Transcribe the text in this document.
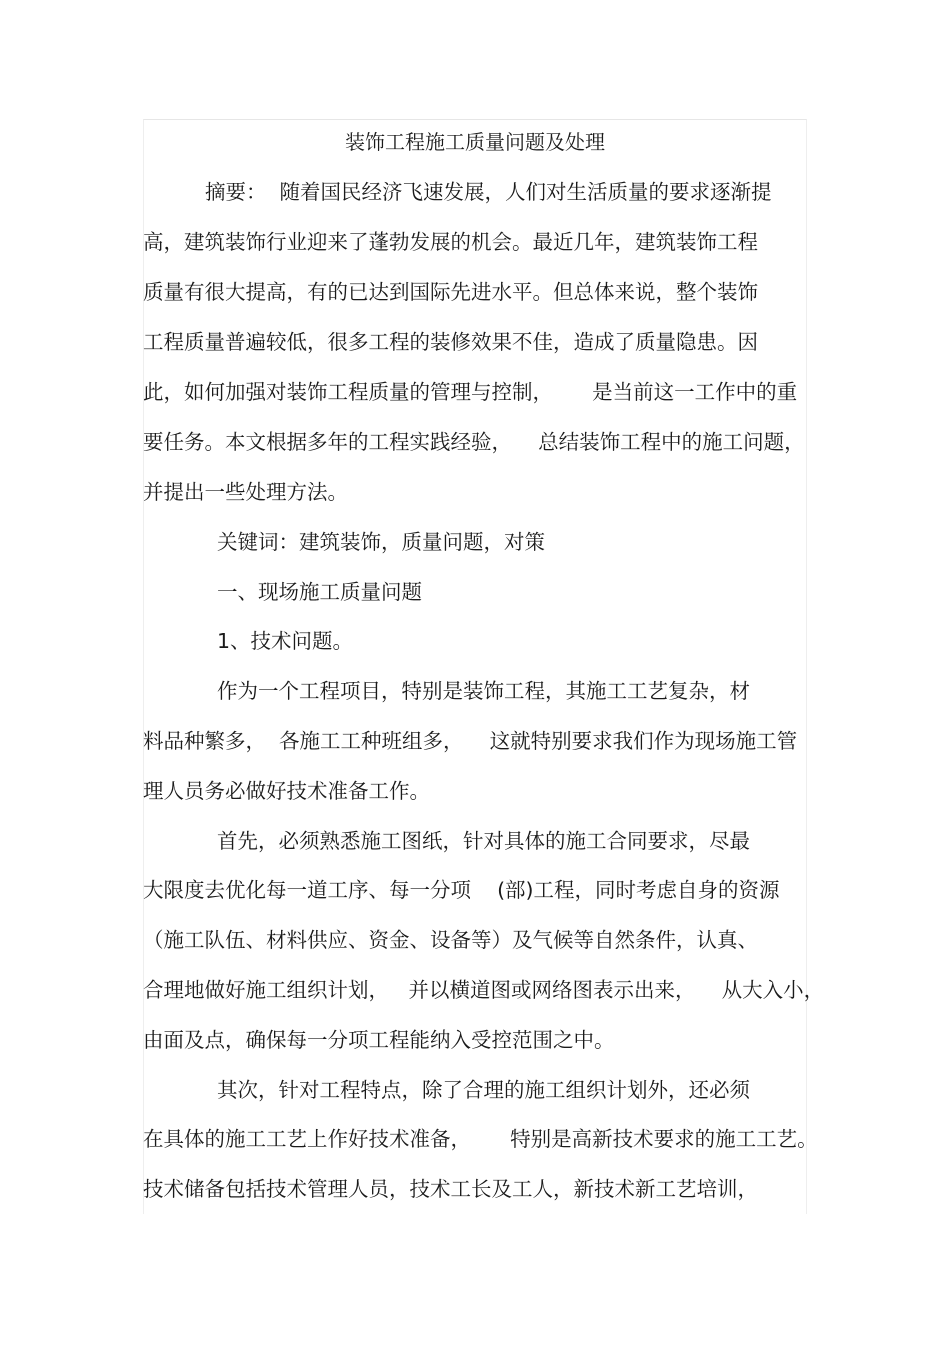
装饰工程施工质量问题及处理
摘要：  随着国民经济飞速发展，人们对生活质量的要求逐渐提
高，建筑装饰行业迎来了蓬勃发展的机会。最近几年，建筑装饰工程
质量有很大提高，有的已达到国际先进水平。但总体来说，整个装饰
工程质量普遍较低，很多工程的装修效果不佳，造成了质量隐患。因
此，如何加强对装饰工程质量的管理与控制，      是当前这一工作中的重
要任务。本文根据多年的工程实践经验，    总结装饰工程中的施工问题，
并提出一些处理方法。
关键词：建筑装饰，质量问题，对策
一、现场施工质量问题
1、技术问题。
作为一个工程项目，特别是装饰工程，其施工工艺复杂，材
料品种繁多，  各施工工种班组多，    这就特别要求我们作为现场施工管
理人员务必做好技术准备工作。
首先，必须熟悉施工图纸，针对具体的施工合同要求，尽最
大限度去优化每一道工序、每一分项    (部)工程，同时考虑自身的资源
（施工队伍、材料供应、资金、设备等）及气候等自然条件，认真、
合理地做好施工组织计划，   并以横道图或网络图表示出来，    从大入小，
由面及点，确保每一分项工程能纳入受控范围之中。
其次，针对工程特点，除了合理的施工组织计划外，还必须
在具体的施工工艺上作好技术准备，      特别是高新技术要求的施工工艺。
技术储备包括技术管理人员，技术工长及工人，新技术新工艺培训，
